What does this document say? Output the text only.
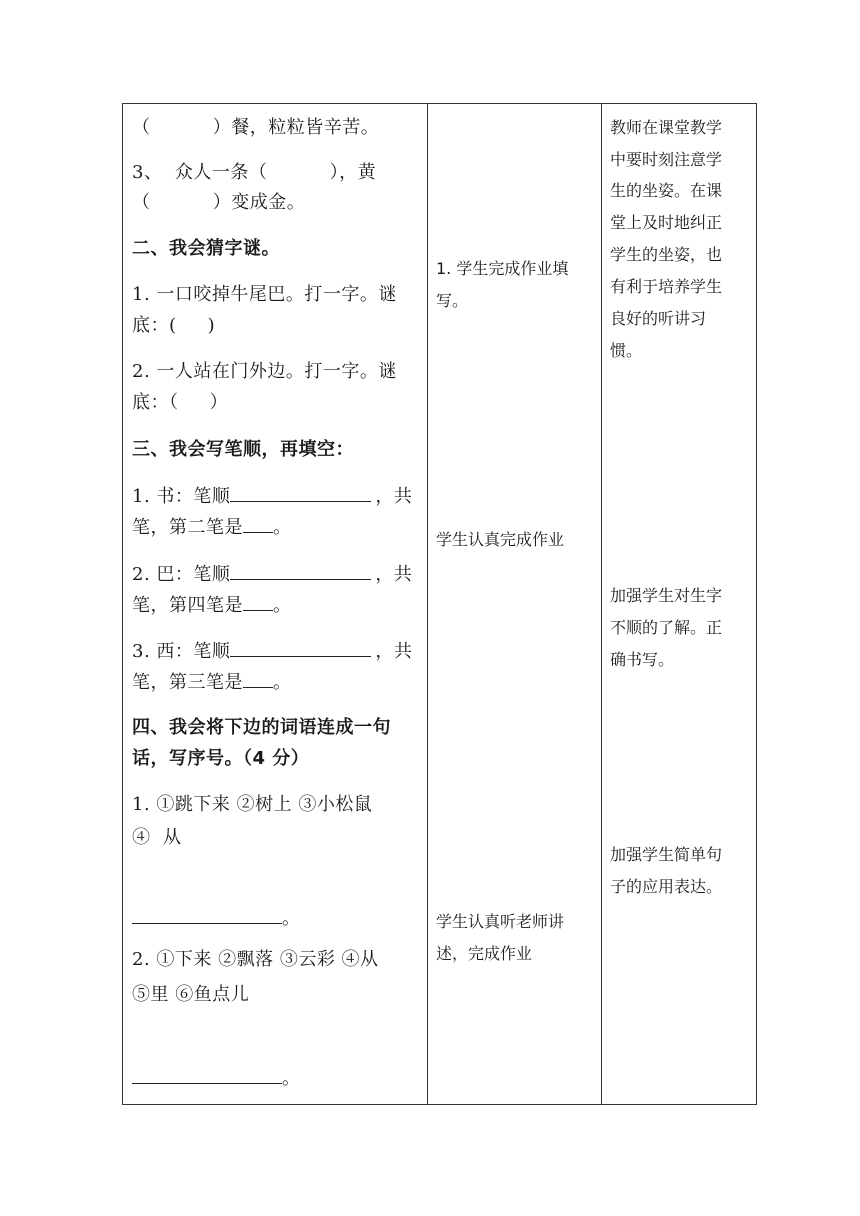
（          ）餐，粒粒皆辛苦。
3、  众人一条（          ），黄
（          ）变成金。
二、我会猜字谜。
1. 一口咬掉牛尾巴。打一字。谜
底：(     )
2. 一人站在门外边。打一字。谜
底：（     ）
三、我会写笔顺，再填空：
1. 书：笔顺	，共
笔，第二笔是 。
2. 巴：笔顺	，共
笔，第四笔是 。
3. 西：笔顺	，共
笔，第三笔是 。
四、我会将下边的词语连成一句
话，写序号。（4 分）
1. ①跳下来 ②树上 ③小松鼠
④  从
。
2. ①下来 ②飘落 ③云彩 ④从
⑤里 ⑥鱼点儿
。

1. 学生完成作业填
写。
学生认真完成作业
学生认真听老师讲
述，完成作业

教师在课堂教学
中要时刻注意学
生的坐姿。在课
堂上及时地纠正
学生的坐姿，也
有利于培养学生
良好的听讲习
惯。
加强学生对生字
不顺的了解。正
确书写。
加强学生简单句
子的应用表达。
